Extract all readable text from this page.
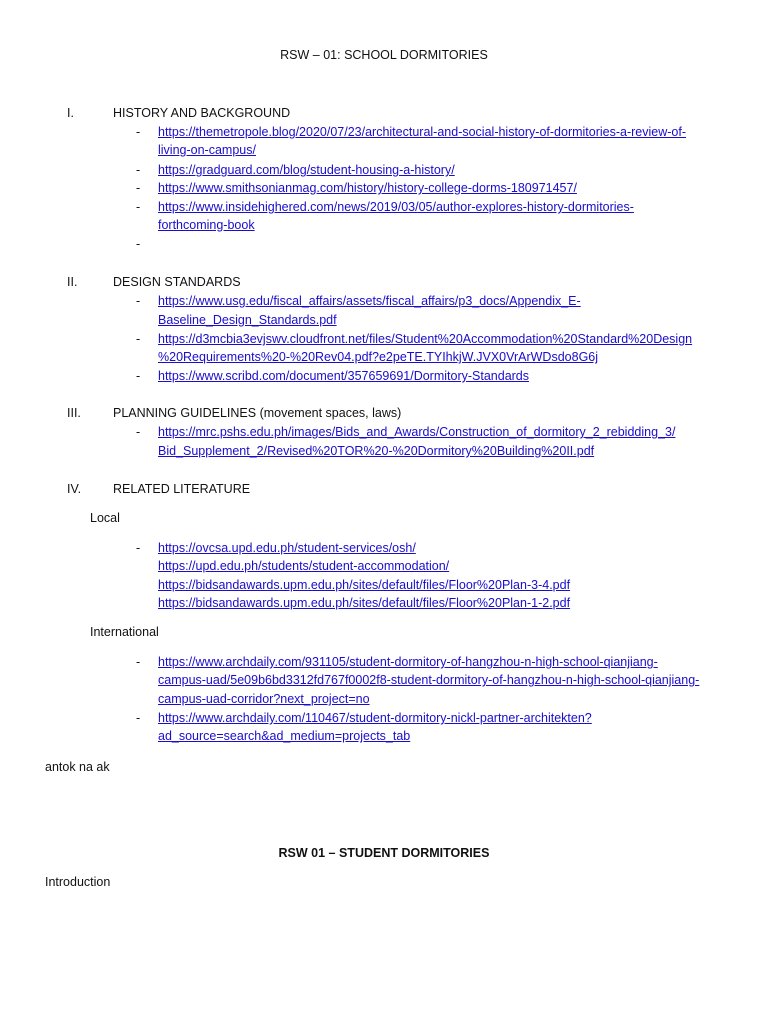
RSW – 01: SCHOOL DORMITORIES
I.	HISTORY AND BACKGROUND
- https://themetropole.blog/2020/07/23/architectural-and-social-history-of-dormitories-a-review-of-
living-on-campus/
- https://gradguard.com/blog/student-housing-a-history/
- https://www.smithsonianmag.com/history/history-college-dorms-180971457/
- https://www.insidehighered.com/news/2019/03/05/author-explores-history-dormitories-
forthcoming-book
-
II.	DESIGN STANDARDS
- https://www.usg.edu/fiscal_affairs/assets/fiscal_affairs/p3_docs/Appendix_E-
Baseline_Design_Standards.pdf
- https://d3mcbia3evjswv.cloudfront.net/files/Student%20Accommodation%20Standard%20Design
%20Requirements%20-%20Rev04.pdf?e2peTE.TYIhkjW.JVX0VrArWDsdo8G6j
- https://www.scribd.com/document/357659691/Dormitory-Standards
III.	PLANNING GUIDELINES (movement spaces, laws)
- https://mrc.pshs.edu.ph/images/Bids_and_Awards/Construction_of_dormitory_2_rebidding_3/
Bid_Supplement_2/Revised%20TOR%20-%20Dormitory%20Building%20II.pdf
IV.	RELATED LITERATURE
Local
- https://ovcsa.upd.edu.ph/student-services/osh/
https://upd.edu.ph/students/student-accommodation/
https://bidsandawards.upm.edu.ph/sites/default/files/Floor%20Plan-3-4.pdf
https://bidsandawards.upm.edu.ph/sites/default/files/Floor%20Plan-1-2.pdf
International
- https://www.archdaily.com/931105/student-dormitory-of-hangzhou-n-high-school-qianjiang-
campus-uad/5e09b6bd3312fd767f0002f8-student-dormitory-of-hangzhou-n-high-school-qianjiang-
campus-uad-corridor?next_project=no
- https://www.archdaily.com/110467/student-dormitory-nickl-partner-architekten?
ad_source=search&ad_medium=projects_tab
antok na ak
RSW 01 – STUDENT DORMITORIES
Introduction
